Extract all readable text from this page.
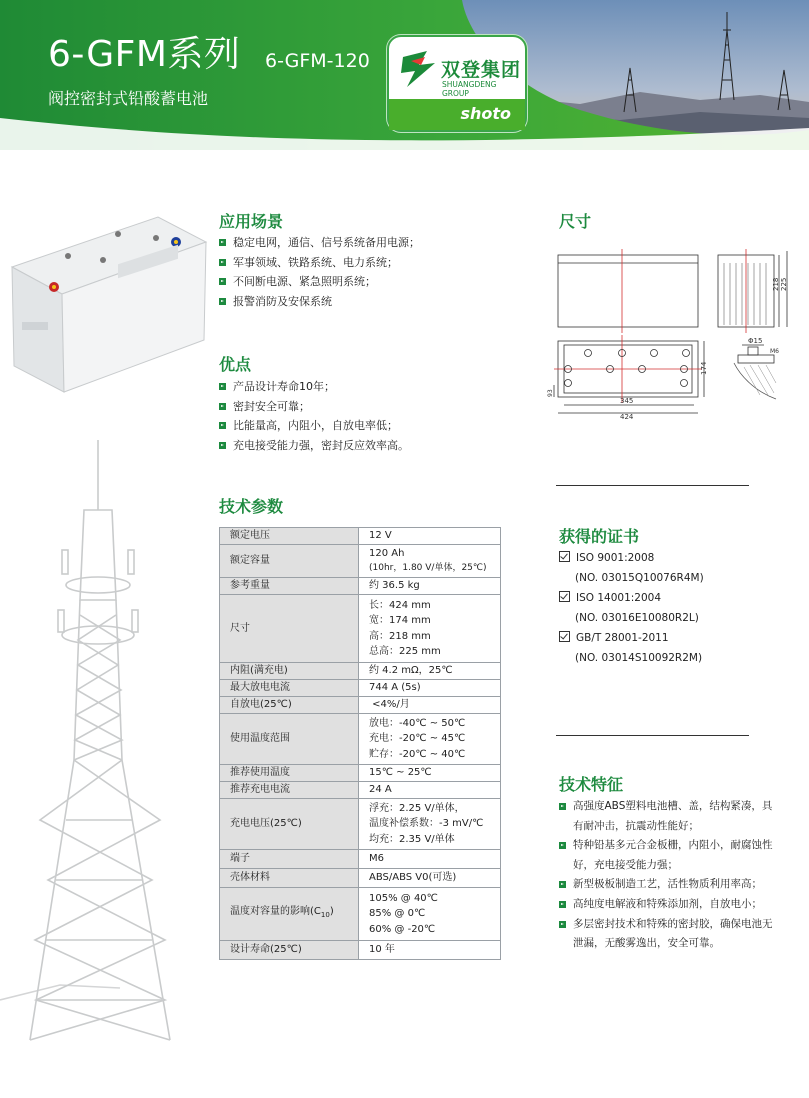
6-GFM系列
阀控密封式铅酸蓄电池
6-GFM-120	双登集团
SHUANGDENG GROUP
shoto
应用场景
稳定电网，通信、信号系统备用电源；
军事领域、铁路系统、电力系统；
不间断电源、紧急照明系统；
报警消防及安保系统
优点
产品设计寿命10年；
密封安全可靠；
比能量高，内阻小，自放电率低；
充电接受能力强，密封反应效率高。
尺寸
218 225
345
424
174
93
Φ15
M6
技术参数
额定电压	12 V

额定容量	120 Ah
(10hr，1.80 V/单体，25℃)

参考重量	约 36.5 kg

尺寸	长：424 mm
宽：174 mm
高：218 mm
总高：225 mm

内阻(满充电)	约 4.2 mΩ，25℃

最大放电电流	744 A (5s)

自放电(25℃)	<4%/月

使用温度范围	放电：-40℃ ~ 50℃
充电：-20℃ ~ 45℃
贮存：-20℃ ~ 40℃

推荐使用温度	15℃ ~ 25℃

推荐充电电流	24 A

充电电压(25℃)	浮充：2.25 V/单体，
温度补偿系数：-3 mV/℃
均充：2.35 V/单体

端子	M6

壳体材料	ABS/ABS V0(可选)

温度对容量的影响$(C_{10})$	105% @ 40℃
85% @ 0℃
60% @ -20℃

设计寿命(25℃)	10 年
获得的证书
ISO 9001:2008
(NO. 03015Q10076R4M)
ISO 14001:2004
(NO. 03016E10080R2L)
GB/T 28001-2011
(NO. 03014S10092R2M)
技术特征
高强度ABS塑料电池槽、盖，结构紧凑，具有耐冲击，抗震动性能好；
特种铅基多元合金板栅，内阻小，耐腐蚀性好，充电接受能力强；
新型极板制造工艺，活性物质利用率高；
高纯度电解液和特殊添加剂，自放电小；
多层密封技术和特殊的密封胶，确保电池无泄漏，无酸雾逸出，安全可靠。
